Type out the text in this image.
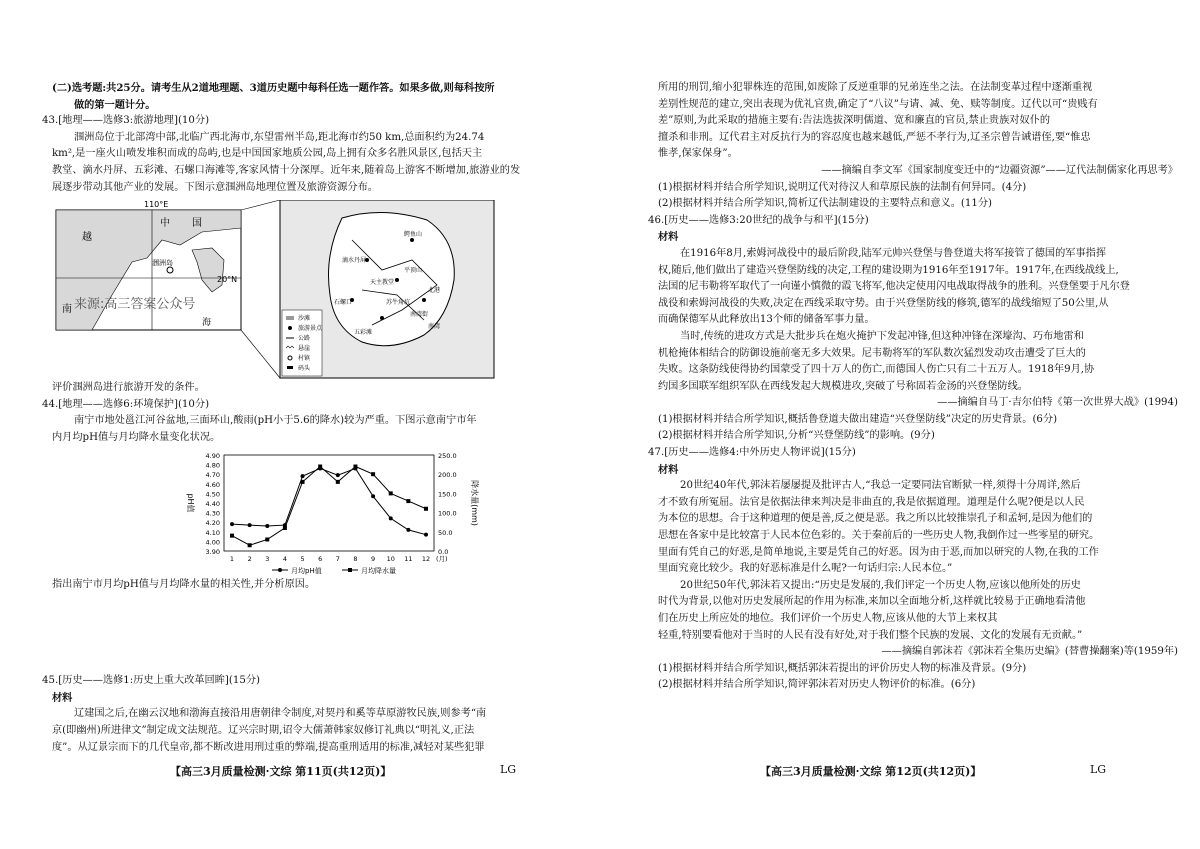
(二)选考题:共25分。请考生从2道地理题、3道历史题中每科任选一题作答。如果多做,则每科按所
做的第一题计分。
43.[地理——选修3:旅游地理](10分)
涠洲岛位于北部湾中部,北临广西北海市,东望雷州半岛,距北海市约50 km,总面积约为24.74
km²,是一座火山喷发堆积而成的岛屿,也是中国国家地质公园,岛上拥有众多名胜风景区,包括天主
教堂、滴水丹屏、五彩滩、石螺口海滩等,客家风情十分深厚。近年来,随着岛上游客不断增加,旅游业的发
展逐步带动其他产业的发展。下图示意涠洲岛地理位置及旅游资源分布。
110°E
20°N
中 国
越
南
海
涠洲岛
来源:高三答案公众号
鳄鱼山
南湾
五彩滩
天主教堂
石螺口
滴水丹屏
平顶山
苏牛角坑
北港
南湾街
沙滩
旅游景点
公路
悬崖
村镇
码头
评价涠洲岛进行旅游开发的条件。
44.[地理——选修6:环境保护](10分)
南宁市地处邕江河谷盆地,三面环山,酸雨(pH小于5.6的降水)较为严重。下图示意南宁市年
内月均pH值与月均降水量变化状况。
4.90
4.80
4.70
4.60
4.50
4.40
4.30
4.20
4.10
4.00
3.90
250.0
200.0
150.0
100.0
50.0
0.0
1 2 3 4 5 6 7 8 9 10 11 12 (月)
pH值	降水量(mm)
月均pH值	月均降水量
指出南宁市月均pH值与月均降水量的相关性,并分析原因。
45.[历史——选修1:历史上重大改革回眸](15分)
材料
辽建国之后,在幽云汉地和渤海直接沿用唐朝律令制度,对契丹和奚等草原游牧民族,则参考“南
京(即幽州)所进律文”制定成文法规范。辽兴宗时期,诏令大儒萧韩家奴修订礼典以“明礼义,正法
度”。从辽景宗而下的几代皇帝,都不断改进用刑过重的弊端,提高重刑适用的标准,减轻对某些犯罪
【高三3月质量检测·文综 第11页(共12页)】	LG
所用的刑罚,缩小犯罪株连的范围,如废除了反逆重罪的兄弟连坐之法。在法制变革过程中逐渐重视
差别性规范的建立,突出表现为优礼官贵,确定了“八议”与请、减、免、赎等制度。辽代以可“贵贱有
差”原则,为此采取的措施主要有:告法选拔深明儒道、宽和廉直的官员,禁止贵族对奴仆的
擅杀和非刑。辽代君主对反抗行为的容忍度也越来越低,严惩不孝行为,辽圣宗曾告诫谱侄,要“惟忠
惟孝,保家保身”。
——摘编自李文军《国家制度变迁中的“边疆资源”——辽代法制儒家化再思考》
(1)根据材料并结合所学知识,说明辽代对待汉人和草原民族的法制有何异同。(4分)
(2)根据材料并结合所学知识,简析辽代法制建设的主要特点和意义。(11分)
46.[历史——选修3:20世纪的战争与和平](15分)
材料
在1916年8月,索姆河战役中的最后阶段,陆军元帅兴登堡与鲁登道夫将军接管了德国的军事指挥
权,随后,他们做出了建造兴登堡防线的决定,工程的建设期为1916年至1917年。1917年,在西线战线上,
法国的尼韦勒将军取代了一向谨小慎微的霞飞将军,他决定使用闪电战取得战争的胜利。兴登堡要于凡尔登
战役和索姆河战役的失败,决定在西线采取守势。由于兴登堡防线的修筑,德军的战线缩短了50公里,从
而确保德军从此释放出13个师的储备军事力量。
当时,传统的进攻方式是大批步兵在炮火掩护下发起冲锋,但这种冲锋在深壕沟、巧布地雷和
机枪掩体相结合的防御设施前毫无多大效果。尼韦勒将军的军队数次猛烈发动攻击遭受了巨大的
失败。这条防线使得协约国蒙受了四十万人的伤亡,而德国人伤亡只有二十五万人。1918年9月,协
约国多国联军组织军队在西线发起大规模进攻,突破了号称固若金汤的兴登堡防线。
——摘编自马丁·吉尔伯特《第一次世界大战》(1994)
(1)根据材料并结合所学知识,概括鲁登道夫做出建造“兴登堡防线”决定的历史背景。(6分)
(2)根据材料并结合所学知识,分析“兴登堡防线”的影响。(9分)
47.[历史——选修4:中外历史人物评说](15分)
材料
20世纪40年代,郭沫若屡屡提及批评古人,“我总一定要同法官断狱一样,须得十分周详,然后
才不致有所冤屈。法官是依据法律来判决是非曲直的,我是依据道理。道理是什么呢?便是以人民
为本位的思想。合于这种道理的便是善,反之便是恶。我之所以比较推崇孔子和孟轲,是因为他们的
思想在各家中是比较富于人民本位色彩的。关于秦前后的一些历史人物,我倒作过一些零星的研究。
里面有凭自己的好恶,是简单地说,主要是凭自己的好恶。因为由于恶,而加以研究的人物,在我的工作
里面究竟比较少。我的好恶标准是什么呢?一句话归宗:人民本位。”
20世纪50年代,郭沫若又提出:“历史是发展的,我们评定一个历史人物,应该以他所处的历史
时代为背景,以他对历史发展所起的作用为标准,来加以全面地分析,这样就比较易于正确地看清他
们在历史上所应处的地位。我们评价一个历史人物,应该从他的大节上来权其
轻重,特别要看他对于当时的人民有没有好处,对于我们整个民族的发展、文化的发展有无贡献。”
——摘编自郭沫若《郭沫若全集历史编》(替曹操翻案)等(1959年)
(1)根据材料并结合所学知识,概括郭沫若提出的评价历史人物的标准及背景。(9分)
(2)根据材料并结合所学知识,简评郭沫若对历史人物评价的标准。(6分)
【高三3月质量检测·文综 第12页(共12页)】	LG
